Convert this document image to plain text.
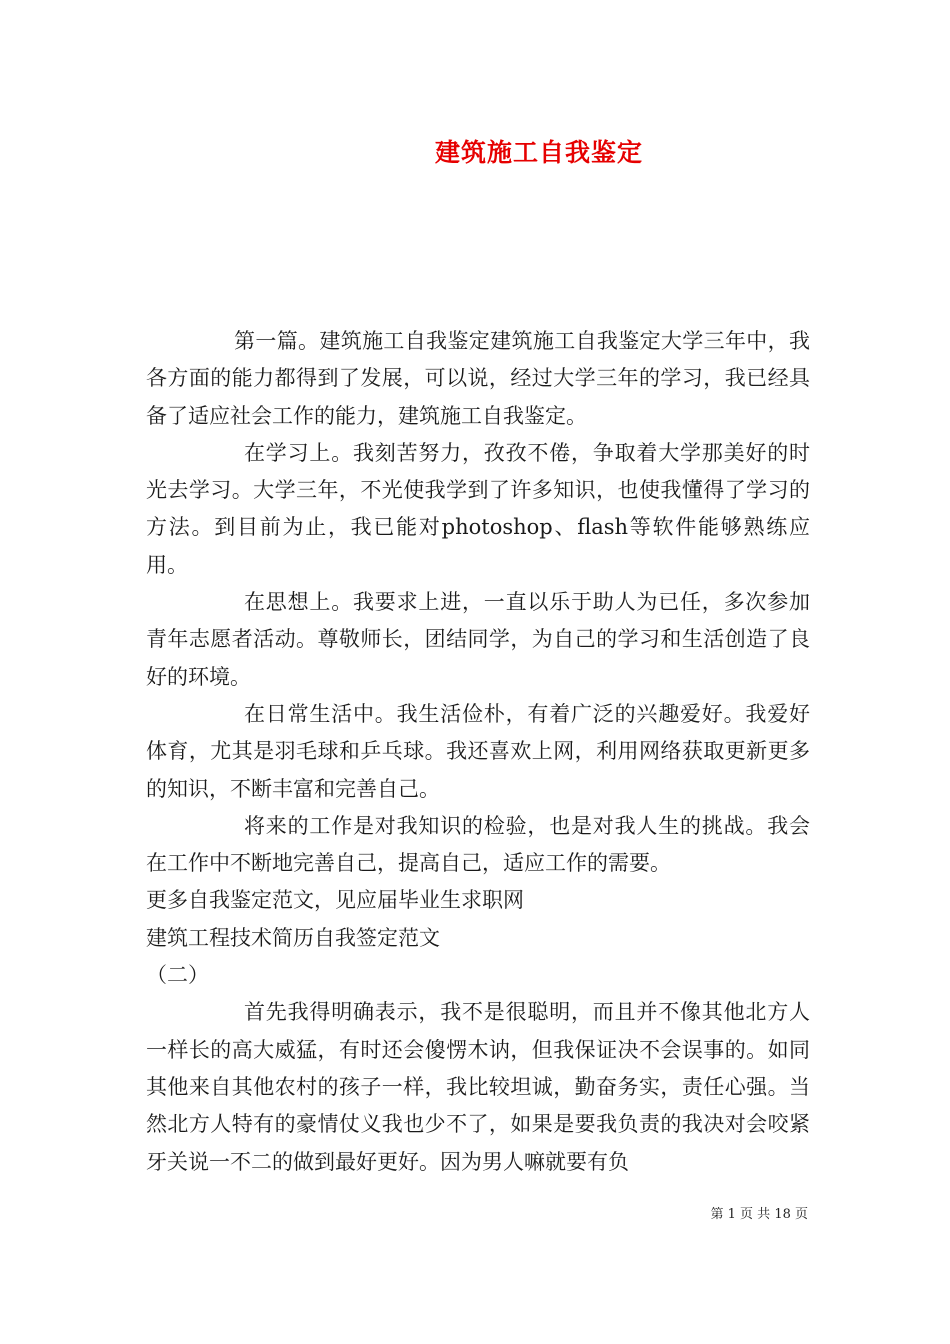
建筑施工自我鉴定

第一篇。建筑施工自我鉴定建筑施工自我鉴定大学三年中，我各方面的能力都得到了发展，可以说，经过大学三年的学习，我已经具备了适应社会工作的能力，建筑施工自我鉴定。

在学习上。我刻苦努力，孜孜不倦，争取着大学那美好的时光去学习。大学三年，不光使我学到了许多知识，也使我懂得了学习的方法。到目前为止，我已能对photoshop、flash等软件能够熟练应用。

在思想上。我要求上进，一直以乐于助人为已任，多次参加青年志愿者活动。尊敬师长，团结同学，为自己的学习和生活创造了良好的环境。

在日常生活中。我生活俭朴，有着广泛的兴趣爱好。我爱好体育，尤其是羽毛球和乒乓球。我还喜欢上网，利用网络获取更新更多的知识，不断丰富和完善自己。

将来的工作是对我知识的检验，也是对我人生的挑战。我会在工作中不断地完善自己，提高自己，适应工作的需要。

更多自我鉴定范文，见应届毕业生求职网

建筑工程技术简历自我签定范文

（二）

首先我得明确表示，我不是很聪明，而且并不像其他北方人一样长的高大威猛，有时还会傻愣木讷，但我保证决不会误事的。如同其他来自其他农村的孩子一样，我比较坦诚，勤奋务实，责任心强。当然北方人特有的豪情仗义我也少不了，如果是要我负责的我决对会咬紧牙关说一不二的做到最好更好。因为男人嘛就要有负

第 1 页 共 18 页
